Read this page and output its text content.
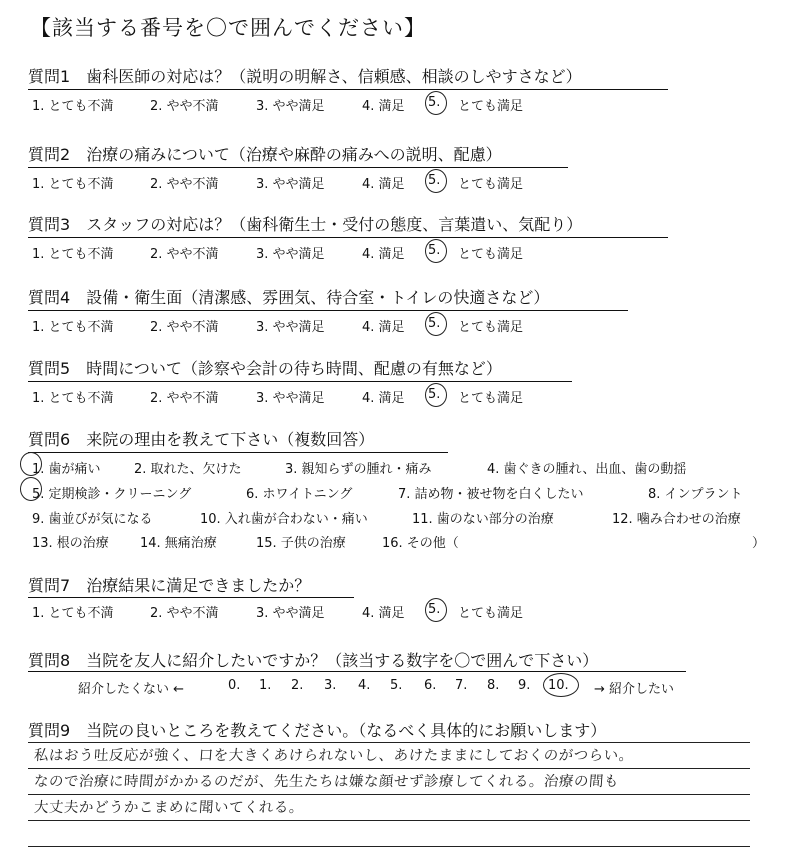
【該当する番号を〇で囲んでください】
質問1　 歯科医師の対応は？（説明の明解さ、信頼感、相談のしやすさなど）
1. とても不満	2. やや不満	3. やや満足	4. 満足 5. とても満足
質問2　 治療の痛みについて（治療や麻酔の痛みへの説明、配慮）
1. とても不満	2. やや不満	3. やや満足	4. 満足 5. とても満足
質問3　 スタッフの対応は？（歯科衛生士・受付の態度、言葉遣い、気配り）
1. とても不満	2. やや不満	3. やや満足	4. 満足 5. とても満足
質問4　 設備・衛生面（清潔感、雰囲気、待合室・トイレの快適さなど）
1. とても不満	2. やや不満	3. やや満足	4. 満足 5. とても満足
質問5　 時間について（診察や会計の待ち時間、配慮の有無など）
1. とても不満	2. やや不満	3. やや満足	4. 満足 5. とても満足
質問6　 来院の理由を教えて下さい（複数回答）
1. 歯が痛い	2. 取れた、欠けた	3. 親知らずの腫れ・痛み	4. 歯ぐきの腫れ、出血、歯の動揺
5. 定期検診・クリーニング	6. ホワイトニング	7. 詰め物・被せ物を白くしたい	8. インプラント
9. 歯並びが気になる	10. 入れ歯が合わない・痛い	11. 歯のない部分の治療	12. 噛み合わせの治療
13. 根の治療 14. 無痛治療	15. 子供の治療	16. その他（	）
質問7　 治療結果に満足できましたか？
1. とても不満	2. やや不満	3. やや満足	4. 満足 5. とても満足
質問8　 当院を友人に紹介したいですか？（該当する数字を〇で囲んで下さい）
紹介したくない ←	0. 1. 2. 3. 4. 5. 6. 7. 8. 9. 10. → 紹介したい
質問9　 当院の良いところを教えてください。（なるべく具体的にお願いします）
私はおう吐反応が強く、口を大きくあけられないし、あけたままにしておくのがつらい。
なので治療に時間がかかるのだが、先生たちは嫌な顔せず診療してくれる。治療の間も
大丈夫かどうかこまめに聞いてくれる。
